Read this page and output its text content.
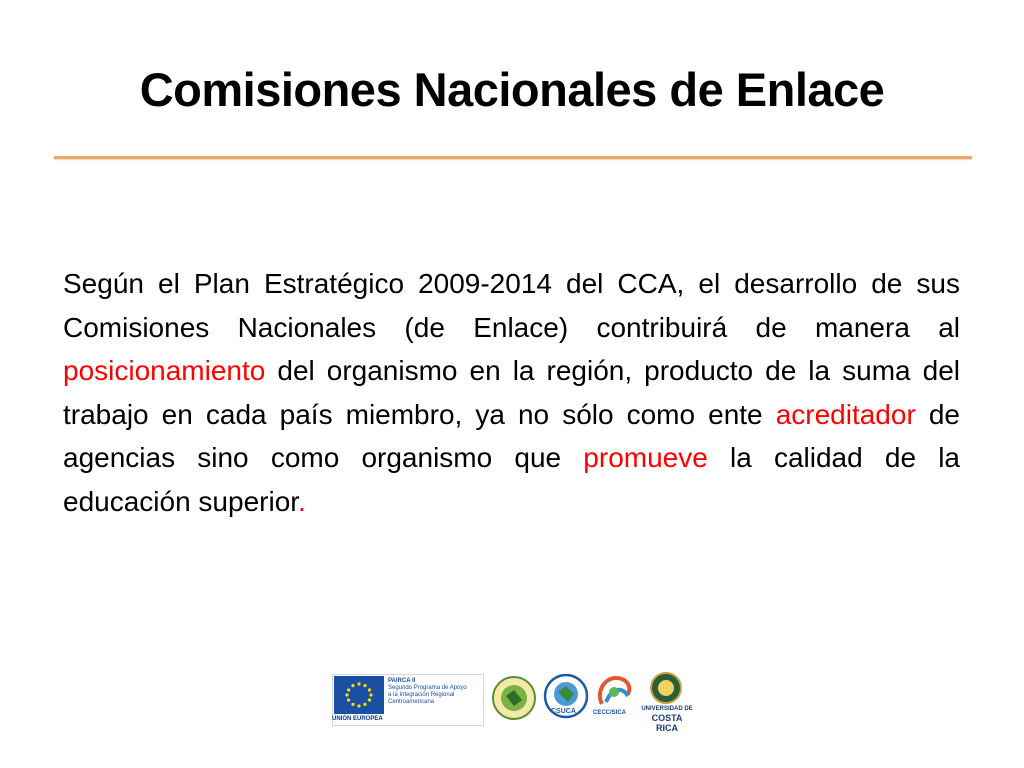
Comisiones Nacionales de Enlace

Según el Plan Estratégico 2009-2014 del CCA, el desarrollo de sus Comisiones Nacionales (de Enlace) contribuirá de manera al posicionamiento del organismo en la región, producto de la suma del trabajo en cada país miembro, ya no sólo como ente acreditador de agencias sino como organismo que promueve la calidad de la educación superior.

UNIÓN EUROPEA
PAIRCA II
Segundo Programa de Apoyo
a la Integración Regional
Centroamericana
CSUCA	CECC/SICA
UNIVERSIDAD DE
COSTA RICA
